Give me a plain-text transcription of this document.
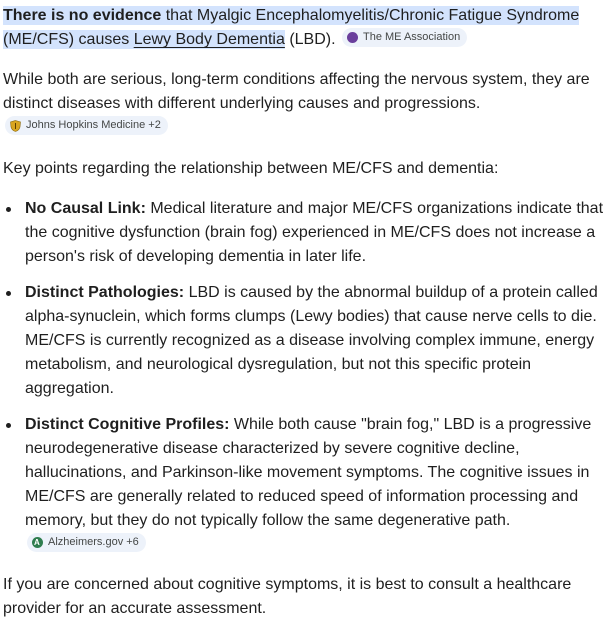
There is no evidence that Myalgic Encephalomyelitis/Chronic Fatigue Syndrome (ME/CFS) causes Lewy Body Dementia (LBD). The ME Association

While both are serious, long-term conditions affecting the nervous system, they are distinct diseases with different underlying causes and progressions.
Johns Hopkins Medicine +2

Key points regarding the relationship between ME/CFS and dementia:

No Causal Link: Medical literature and major ME/CFS organizations indicate that the cognitive dysfunction (brain fog) experienced in ME/CFS does not increase a person's risk of developing dementia in later life.
Distinct Pathologies: LBD is caused by the abnormal buildup of a protein called alpha-synuclein, which forms clumps (Lewy bodies) that cause nerve cells to die. ME/CFS is currently recognized as a disease involving complex immune, energy metabolism, and neurological dysregulation, but not this specific protein aggregation.
Distinct Cognitive Profiles: While both cause "brain fog," LBD is a progressive neurodegenerative disease characterized by severe cognitive decline, hallucinations, and Parkinson-like movement symptoms. The cognitive issues in ME/CFS are generally related to reduced speed of information processing and memory, but they do not typically follow the same degenerative path.
A
Alzheimers.gov +6

If you are concerned about cognitive symptoms, it is best to consult a healthcare provider for an accurate assessment.
